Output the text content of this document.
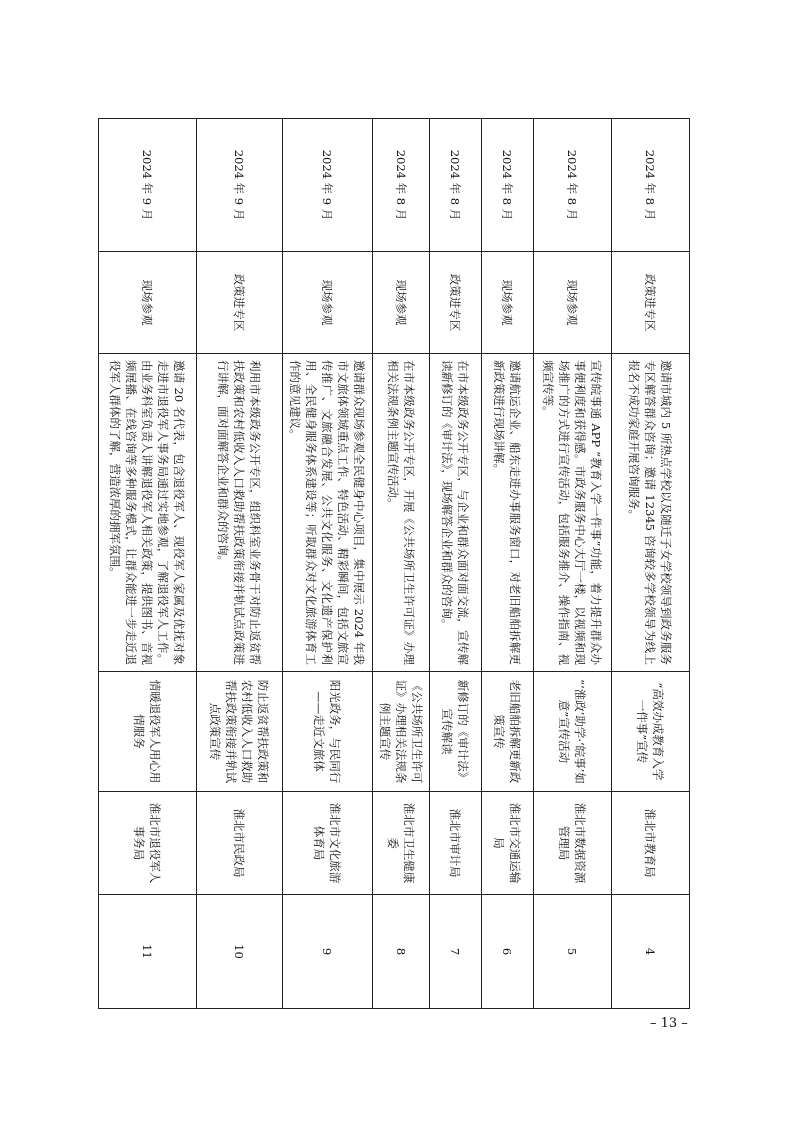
2024 年 8 月	政策进专区	邀请市城内 5 所热点学校以及随迁子女学校领导到政务服务专区解答群众咨询；邀请 12345 咨询较多学校领导为线上报名不成功家庭开展咨询服务。	“高效办成教育入学一件事”宣传	淮北市教育局	4
2024 年 8 月	现场参观	宣传皖事通 APP “教育入学一件事”功能，着力提升群众办事便利度和获得感。市政务服务中心大厅一楼，以视频和现场推广的方式进行宣传活动，包括服务推介、操作指南、视频宣传等。	“‘淮政’助学·‘皖事’如意”宣传活动	淮北市数据资源管理局	5
2024 年 8 月	现场参观	邀请航运企业、船东走进办事服务窗口，对老旧船舶拆解更新政策进行现场讲解。	老旧船舶拆解更新政策宣传	淮北市交通运输局	6
2024 年 8 月	政策进专区	在市本级政务公开专区，与企业和群众面对面交流，宣传解读新修订的《审计法》，现场解答企业和群众的咨询。	新修订的《审计法》宣传解读	淮北市审计局	7
2024 年 8 月	现场参观	在市本级政务公开专区，开展《公共场所卫生许可证》办理相关法规条例主题宣传活动。	《公共场所卫生许可证》办理相关法规条例主题宣传	淮北市卫生健康委	8
2024 年 9 月	现场参观	邀请群众现场参观全民健身中心项目，集中展示 2024 年我市文旅体领域重点工作、特色活动、精彩瞬间，包括文旅宣传推广、文旅融合发展、公共文化服务、文化遗产保护利用、全民健身服务体系建设等；听取群众对文化旅游体育工作的意见建议。	阳光政务，与民同行——走近文旅体	淮北市文化旅游体育局	9
2024 年 9 月	政策进专区	利用市本级政务公开专区，组织科室业务骨干对防止返贫帮扶政策和农村低收入人口救助帮扶政策衔接并轨试点政策进行讲解，面对面解答企业和群众的咨询。	防止返贫帮扶政策和农村低收入人口救助帮扶政策衔接并轨试点政策宣传	淮北市民政局	10
2024 年 9 月	现场参观	邀请 20 名代表，包含退役军人、现役军人家属及优抚对象走进市退役军人事务局通过实地参观，了解退役军人工作。由业务科室负责人讲解退役军人相关政策，提供图书、音视频展播、在线咨询等多种服务模式，让群众能进一步走近退役军人群体的了解，营造浓厚的拥军氛围。	情暖退役军人用心用情服务	淮北市退役军人事务局	11
– 13 –
